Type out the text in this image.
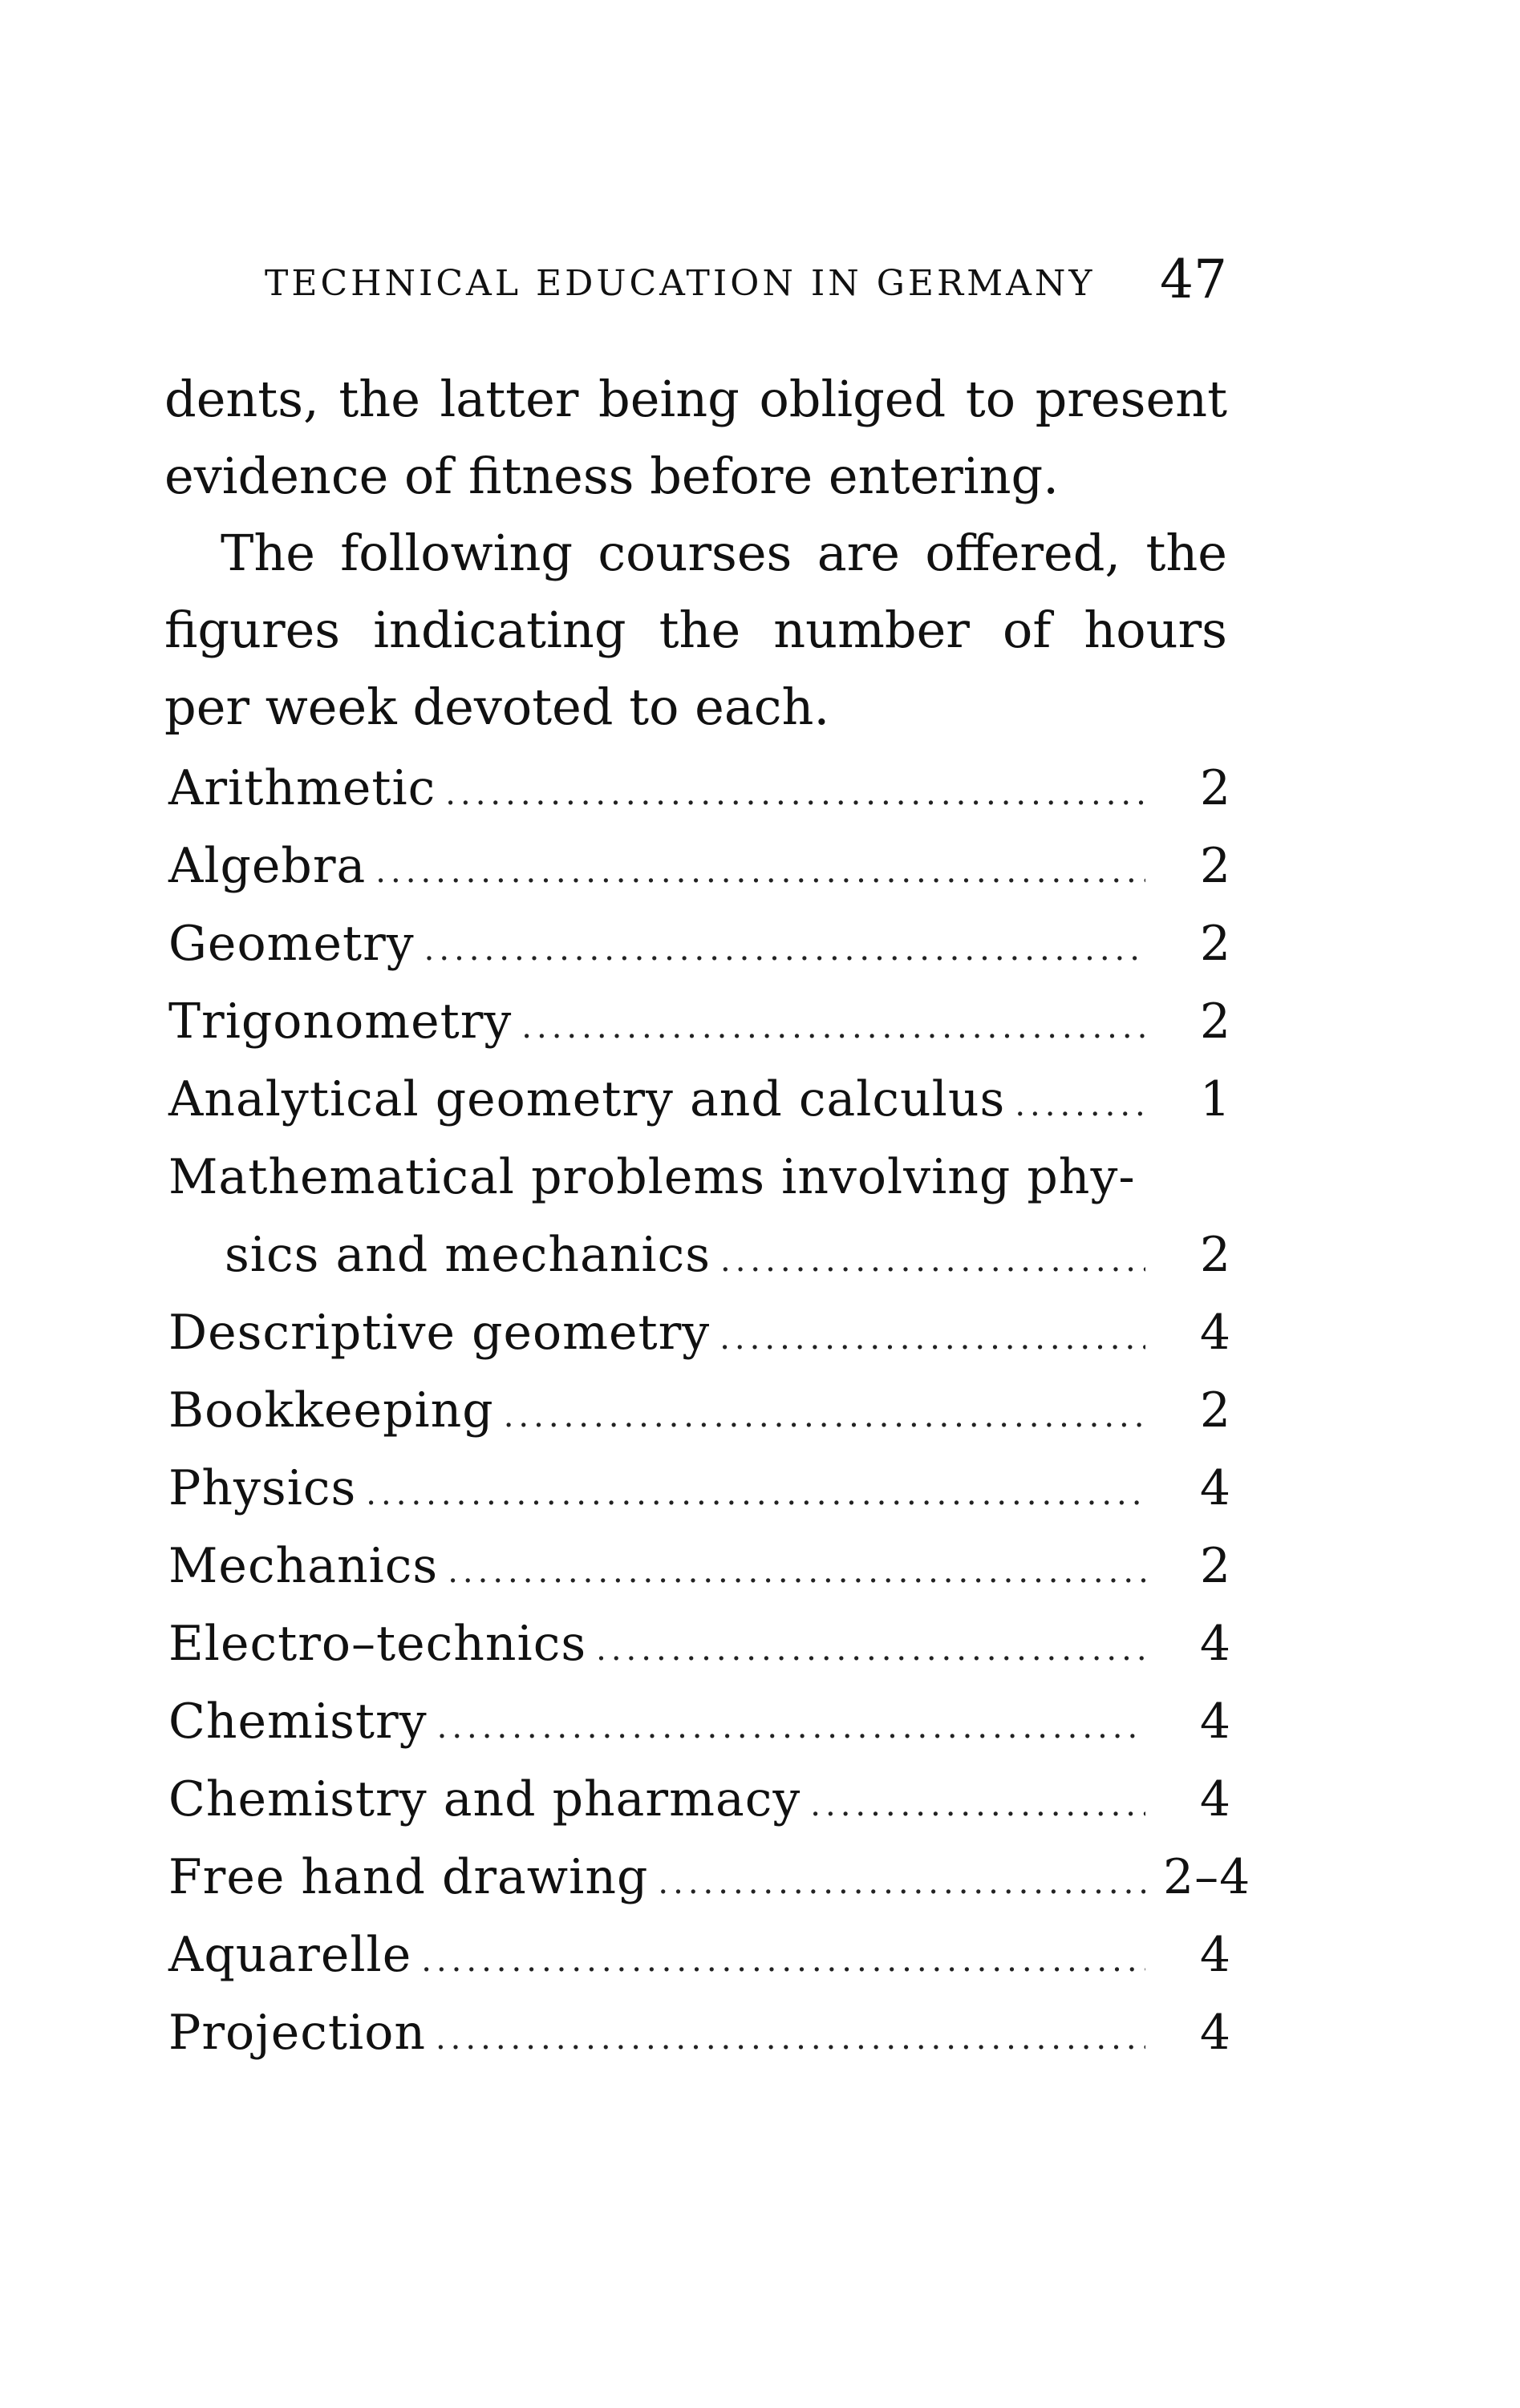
TECHNICAL EDUCATION IN GERMANY 47

dents, the latter being obliged to present evidence of fitness before entering.

The following courses are offered, the figures indicating the number of hours per week devoted to each.

Arithmetic .....	2
Algebra .....	2
Geometry .....	2
Trigonometry .....	2
Analytical geometry and calculus .....	1
Mathematical problems involving phy-
sics and mechanics .....	2
Descriptive geometry .....	4
Bookkeeping .....	2
Physics .....	4
Mechanics .....	2
Electro–technics .....	4
Chemistry .....	4
Chemistry and pharmacy .....	4
Free hand drawing .....	2–4
Aquarelle .....	4
Projection .....	4
